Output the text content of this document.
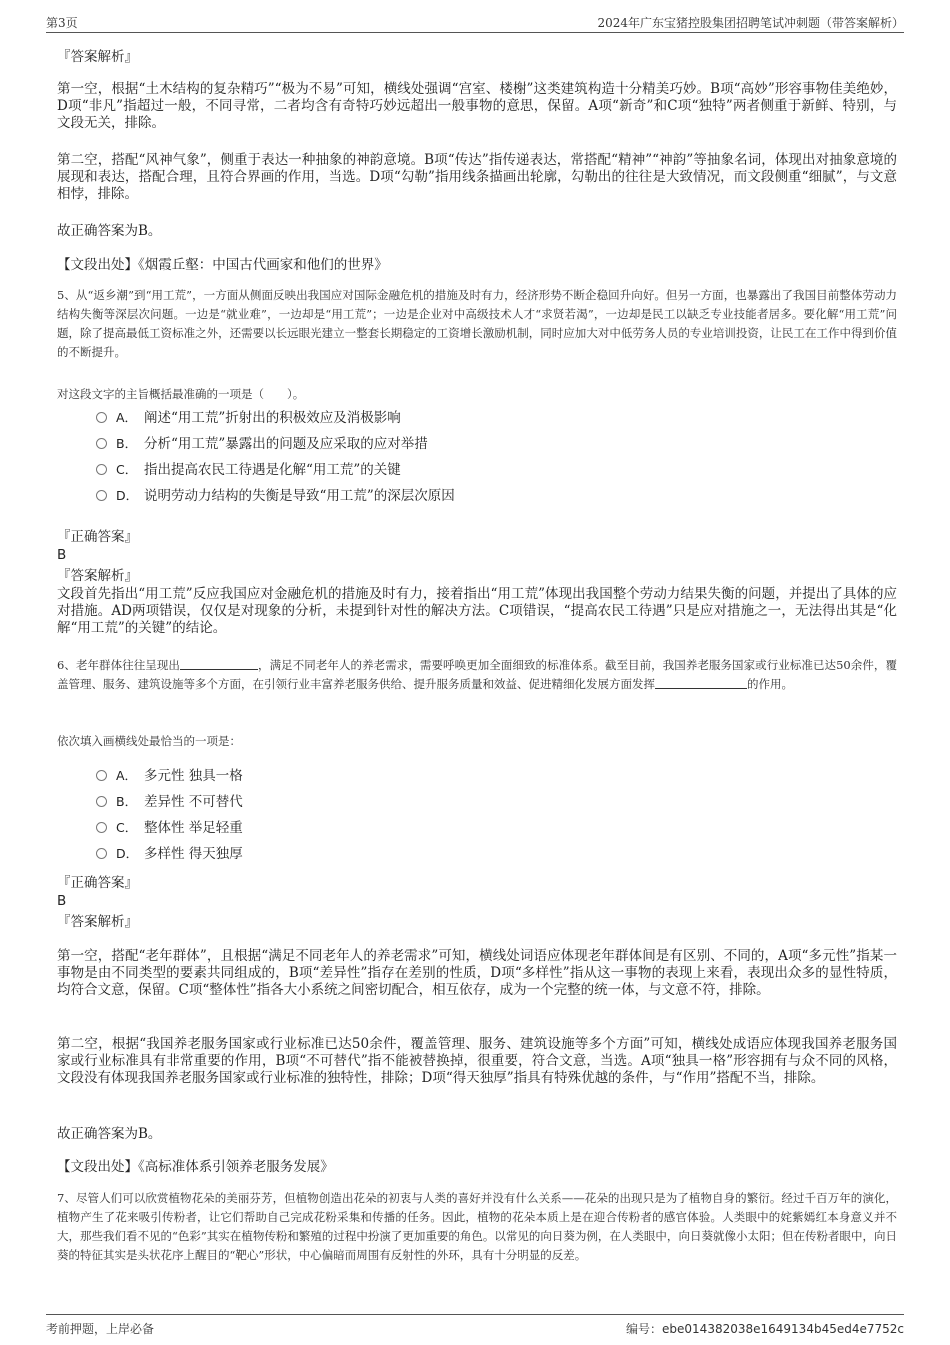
第3页	2024年广东宝猪控股集团招聘笔试冲刺题（带答案解析）
『答案解析』
第一空，根据“土木结构的复杂精巧”“极为不易”可知，横线处强调“宫室、楼榭”这类建筑构造十分精美巧妙。B项“高妙”形容事物佳美绝妙，D项“非凡”指超过一般，不同寻常，二者均含有奇特巧妙远超出一般事物的意思，保留。A项“新奇”和C项“独特”两者侧重于新鲜、特别，与文段无关，排除。
第二空，搭配“风神气象”，侧重于表达一种抽象的神韵意境。B项“传达”指传递表达，常搭配“精神”“神韵”等抽象名词，体现出对抽象意境的展现和表达，搭配合理，且符合界画的作用，当选。D项“勾勒”指用线条描画出轮廓，勾勒出的往往是大致情况，而文段侧重“细腻”，与文意相悖，排除。
故正确答案为B。
【文段出处】《烟霞丘壑：中国古代画家和他们的世界》
5、从“返乡潮”到“用工荒”，一方面从侧面反映出我国应对国际金融危机的措施及时有力，经济形势不断企稳回升向好。但另一方面，也暴露出了我国目前整体劳动力结构失衡等深层次问题。一边是“就业难”，一边却是“用工荒”；一边是企业对中高级技术人才“求贤若渴”，一边却是民工以缺乏专业技能者居多。要化解“用工荒”问题，除了提高最低工资标准之外，还需要以长远眼光建立一整套长期稳定的工资增长激励机制，同时应加大对中低劳务人员的专业培训投资，让民工在工作中得到价值的不断提升。
对这段文字的主旨概括最准确的一项是（　　）。
A． 阐述“用工荒”折射出的积极效应及消极影响
B． 分析“用工荒”暴露出的问题及应采取的应对举措
C． 指出提高农民工待遇是化解“用工荒”的关键
D． 说明劳动力结构的失衡是导致“用工荒”的深层次原因
『正确答案』
B
『答案解析』
文段首先指出“用工荒”反应我国应对金融危机的措施及时有力，接着指出“用工荒”体现出我国整个劳动力结果失衡的问题，并提出了具体的应对措施。AD两项错误，仅仅是对现象的分析，未提到针对性的解决方法。C项错误，“提高农民工待遇”只是应对措施之一，无法得出其是“化解“用工荒”的关键”的结论。
6、老年群体往往呈现出	，满足不同老年人的养老需求，需要呼唤更加全面细致的标准体系。截至目前，我国养老服务国家或行业标准已达50余件，覆盖管理、服务、建筑设施等多个方面，在引领行业丰富养老服务供给、提升服务质量和效益、促进精细化发展方面发挥	的作用。
依次填入画横线处最恰当的一项是：
A． 多元性 独具一格
B． 差异性 不可替代
C． 整体性 举足轻重
D． 多样性 得天独厚
『正确答案』
B
『答案解析』
第一空，搭配“老年群体”，且根据“满足不同老年人的养老需求”可知，横线处词语应体现老年群体间是有区别、不同的，A项“多元性”指某一事物是由不同类型的要素共同组成的，B项“差异性”指存在差别的性质，D项“多样性”指从这一事物的表现上来看，表现出众多的显性特质，均符合文意，保留。C项“整体性”指各大小系统之间密切配合，相互依存，成为一个完整的统一体，与文意不符，排除。
第二空，根据“我国养老服务国家或行业标准已达50余件，覆盖管理、服务、建筑设施等多个方面”可知，横线处成语应体现我国养老服务国家或行业标准具有非常重要的作用，B项“不可替代”指不能被替换掉，很重要，符合文意，当选。A项“独具一格”形容拥有与众不同的风格，文段没有体现我国养老服务国家或行业标准的独特性，排除；D项“得天独厚”指具有特殊优越的条件，与“作用”搭配不当，排除。
故正确答案为B。
【文段出处】《高标准体系引领养老服务发展》
7、尽管人们可以欣赏植物花朵的美丽芬芳，但植物创造出花朵的初衷与人类的喜好并没有什么关系——花朵的出现只是为了植物自身的繁衍。经过千百万年的演化，植物产生了花来吸引传粉者，让它们帮助自己完成花粉采集和传播的任务。因此，植物的花朵本质上是在迎合传粉者的感官体验。人类眼中的姹紫嫣红本身意义并不大，那些我们看不见的“色彩”其实在植物传粉和繁殖的过程中扮演了更加重要的角色。以常见的向日葵为例，在人类眼中，向日葵就像小太阳；但在传粉者眼中，向日葵的特征其实是头状花序上醒目的“靶心”形状，中心偏暗而周围有反射性的外环，具有十分明显的反差。
考前押题，上岸必备	编号：ebe014382038e1649134b45ed4e7752c
